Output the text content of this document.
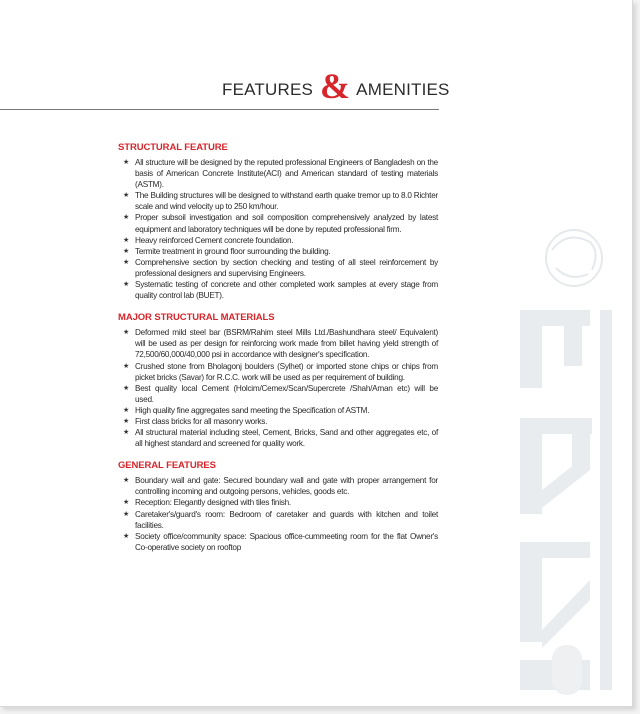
FEATURES & AMENITIES
STRUCTURAL FEATURE
★ All structure will be designed by the reputed professional Engineers of Bangladesh on the basis of American Concrete Institute(ACI) and American standard of testing materials (ASTM).
★ The Building structures will be designed to withstand earth quake tremor up to 8.0 Richter scale and wind velocity up to 250 km/hour.
★ Proper subsoil investigation and soil composition comprehensively analyzed by latest equipment and laboratory techniques will be done by reputed professional firm.
★ Heavy reinforced Cement concrete foundation.
★ Termite treatment in ground floor surrounding the building.
★ Comprehensive section by section checking and testing of all steel reinforcement by professional designers and supervising Engineers.
★ Systematic testing of concrete and other completed work samples at every stage from quality control lab (BUET).
MAJOR STRUCTURAL MATERIALS
★ Deformed mild steel bar (BSRM/Rahim steel Mills Ltd./Bashundhara steel/ Equivalent) will be used as per design for reinforcing work made from billet having yield strength of 72,500/60,000/40,000 psi in accordance with designer's specification.
★ Crushed stone from Bholagonj boulders (Sylhet) or imported stone chips or chips from picket bricks (Savar) for R.C.C. work will be used as per requirement of building.
★ Best quality local Cement (Holcim/Cemex/Scan/Supercrete /Shah/Aman etc) will be used.
★ High quality fine aggregates sand meeting the Specification of ASTM.
★ First class bricks for all masonry works.
★ All structural material including steel, Cement, Bricks, Sand and other aggregates etc, of all highest standard and screened for quality work.
GENERAL FEATURES
★ Boundary wall and gate: Secured boundary wall and gate with proper arrangement for controlling incoming and outgoing persons, vehicles, goods etc.
★ Reception: Elegantly designed with tiles finish.
★ Caretaker's/guard's room: Bedroom of caretaker and guards with kitchen and toilet facilities.
★ Society office/community space: Spacious office-cummeeting room for the flat Owner's Co-operative society on rooftop
